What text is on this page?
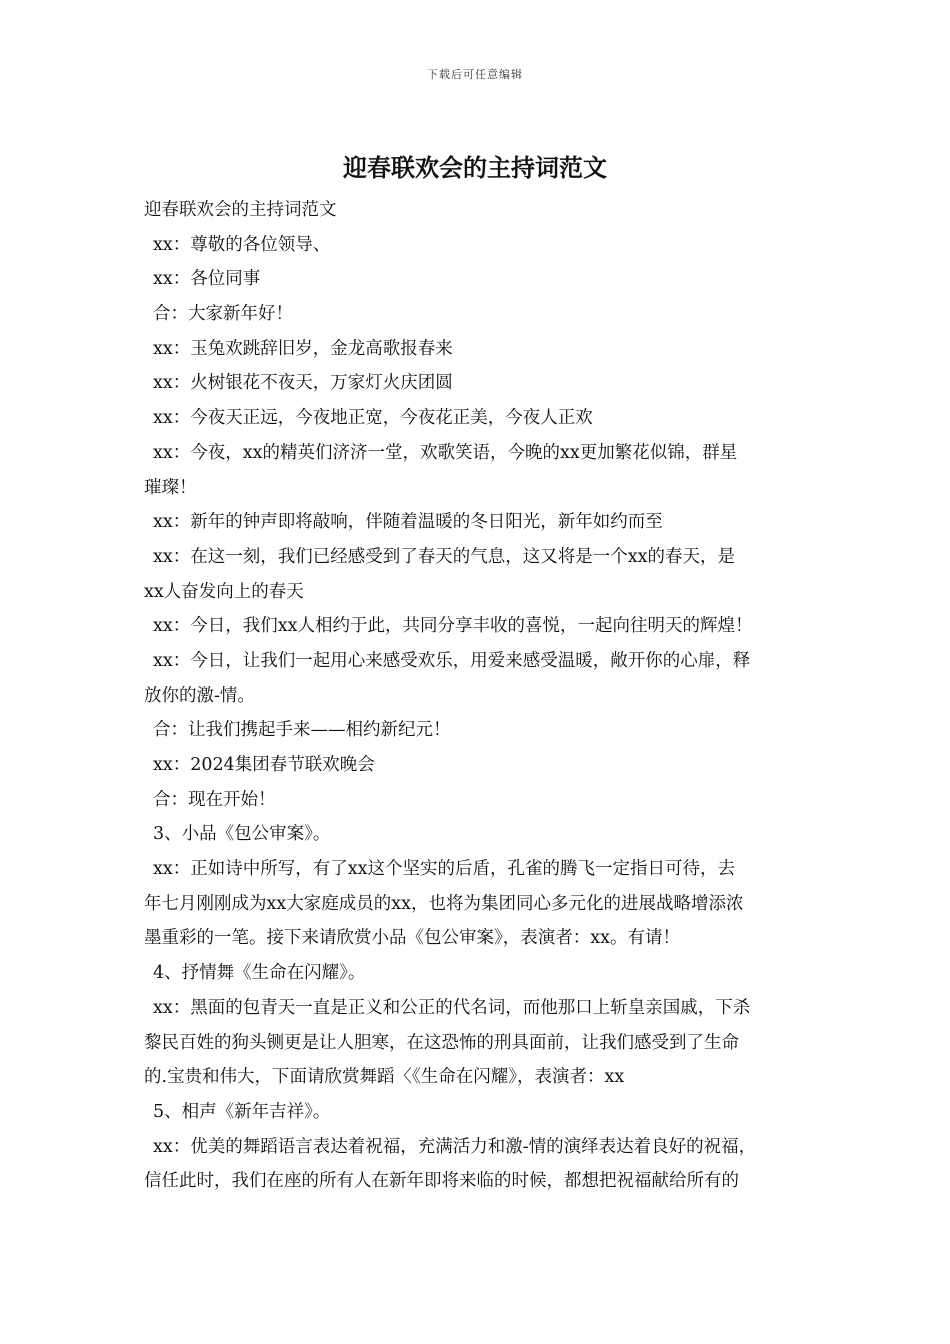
下载后可任意编辑
迎春联欢会的主持词范文

迎春联欢会的主持词范文

xx：尊敬的各位领导、

xx：各位同事

合：大家新年好！

xx：玉兔欢跳辞旧岁，金龙高歌报春来

xx：火树银花不夜天，万家灯火庆团圆

xx：今夜天正远，今夜地正宽，今夜花正美，今夜人正欢

xx：今夜，xx的精英们济济一堂，欢歌笑语，今晚的xx更加繁花似锦，群星

璀璨！

xx：新年的钟声即将敲响，伴随着温暖的冬日阳光，新年如约而至

xx：在这一刻，我们已经感受到了春天的气息，这又将是一个xx的春天，是

xx人奋发向上的春天

xx：今日，我们xx人相约于此，共同分享丰收的喜悦，一起向往明天的辉煌！

xx：今日，让我们一起用心来感受欢乐，用爱来感受温暖，敞开你的心扉，释

放你的激-情。

合：让我们携起手来——相约新纪元！

xx：2024集团春节联欢晚会

合：现在开始！

3、小品《包公审案》。

xx：正如诗中所写，有了xx这个坚实的后盾，孔雀的腾飞一定指日可待，去

年七月刚刚成为xx大家庭成员的xx，也将为集团同心多元化的进展战略增添浓

墨重彩的一笔。接下来请欣赏小品《包公审案》，表演者：xx。有请！

4、抒情舞《生命在闪耀》。

xx：黑面的包青天一直是正义和公正的代名词，而他那口上斩皇亲国戚，下杀

黎民百姓的狗头铡更是让人胆寒，在这恐怖的刑具面前，让我们感受到了生命

的.宝贵和伟大，下面请欣赏舞蹈〈《生命在闪耀》，表演者：xx

5、相声《新年吉祥》。

xx：优美的舞蹈语言表达着祝福，充满活力和激-情的演绎表达着良好的祝福，

信任此时，我们在座的所有人在新年即将来临的时候，都想把祝福献给所有的
